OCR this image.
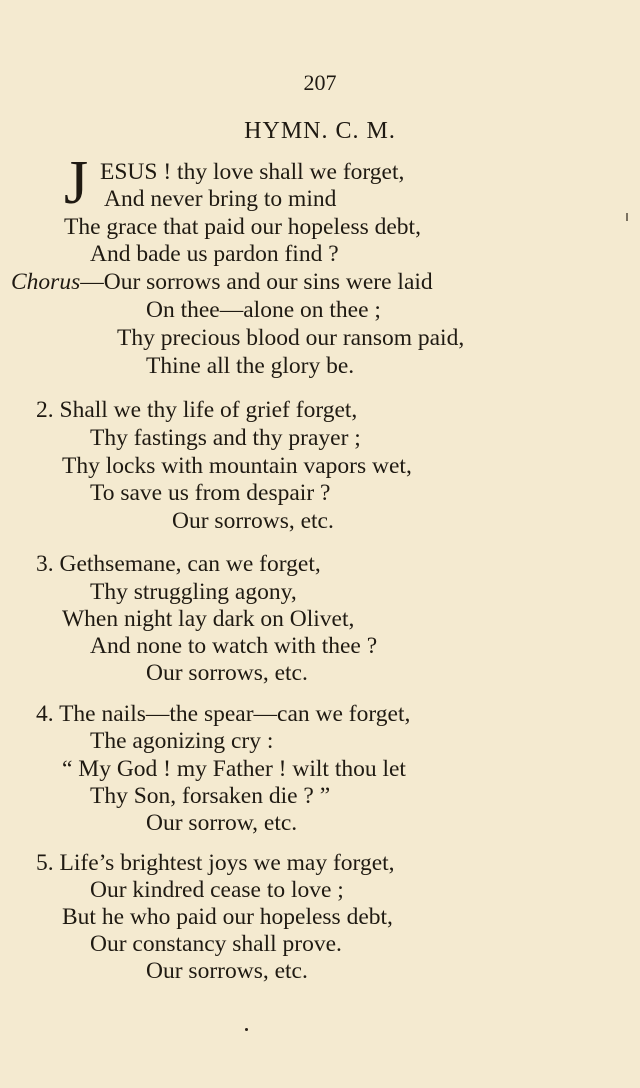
207
HYMN. C. M.
J ESUS ! thy love shall we forget,
And never bring to mind
The grace that paid our hopeless debt,
And bade us pardon find ?
Chorus—Our sorrows and our sins were laid
On thee—alone on thee ;
Thy precious blood our ransom paid,
Thine all the glory be.
2. Shall we thy life of grief forget,
Thy fastings and thy prayer ;
Thy locks with mountain vapors wet,
To save us from despair ?
Our sorrows, etc.
3. Gethsemane, can we forget,
Thy struggling agony,
When night lay dark on Olivet,
And none to watch with thee ?
Our sorrows, etc.
4. The nails—the spear—can we forget,
The agonizing cry :
“ My God ! my Father ! wilt thou let
Thy Son, forsaken die ? ”
Our sorrow, etc.
5. Life’s brightest joys we may forget,
Our kindred cease to love ;
But he who paid our hopeless debt,
Our constancy shall prove.
Our sorrows, etc.
